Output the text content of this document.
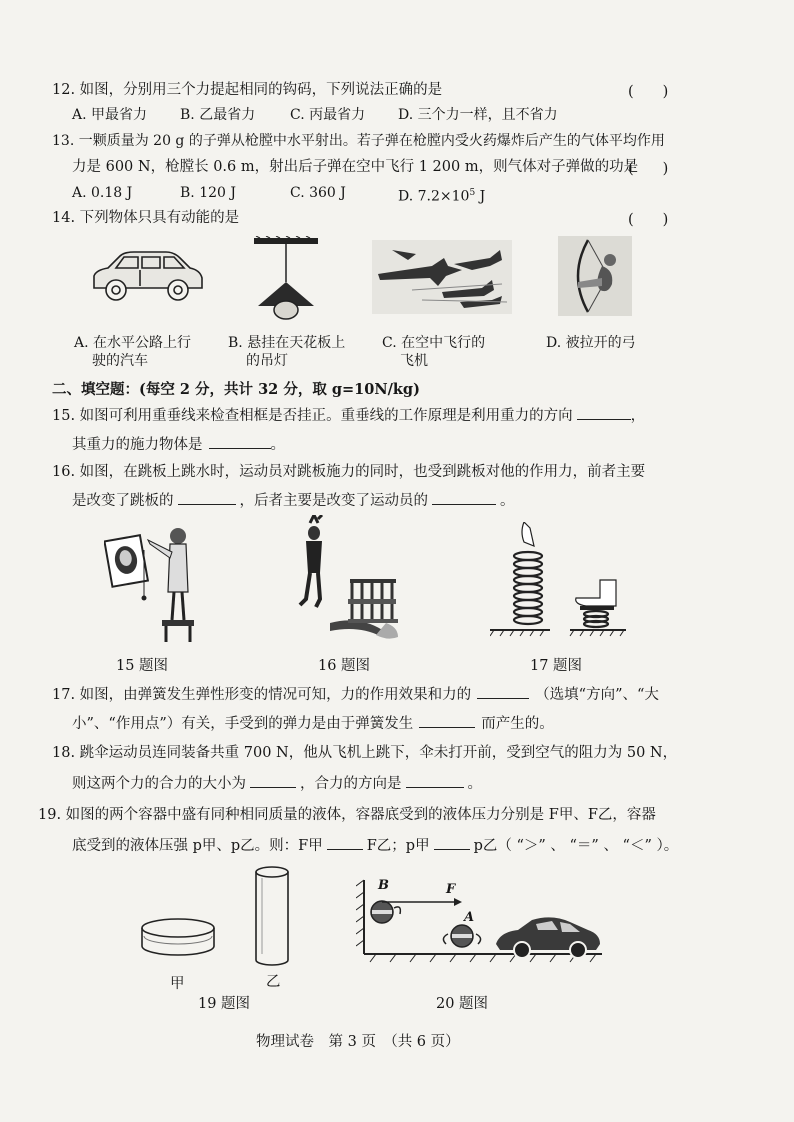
12. 如图，分别用三个力提起相同的钩码，下列说法正确的是	(　　)
A. 甲最省力 B. 乙最省力 C. 丙最省力 D. 三个力一样，且不省力
13. 一颗质量为 20 g 的子弹从枪膛中水平射出。若子弹在枪膛内受火药爆炸后产生的气体平均作用
力是 600 N，枪膛长 0.6 m，射出后子弹在空中飞行 1 200 m，则气体对子弹做的功是
(　　)
A. 0.18 J	B. 120 J	C. 360 J	D. $7.2\times 10^5$ J
14. 下列物体只具有动能的是	(　　)
A. 在水平公路上行
驶的汽车
B. 悬挂在天花板上
的吊灯
C. 在空中飞行的
飞机
D. 被拉开的弓
二、填空题：(每空 2 分，共计 32 分，取 g=10N/kg)
15. 如图可利用重垂线来检查相框是否挂正。重垂线的工作原理是利用重力的方向	，
其重力的施力物体是	。
16. 如图，在跳板上跳水时，运动员对跳板施力的同时，也受到跳板对他的作用力，前者主要
是改变了跳板的	，后者主要是改变了运动员的	。
15 题图	16 题图	17 题图
17. 如图，由弹簧发生弹性形变的情况可知，力的作用效果和力的	（选填“方向”、“大
小”、“作用点”）有关，手受到的弹力是由于弹簧发生	而产生的。
18. 跳伞运动员连同装备共重 700 N，他从飞机上跳下，伞未打开前，受到空气的阻力为 50 N，
则这两个力的合力的大小为	，合力的方向是	。
19. 如图的两个容器中盛有同种相同质量的液体，容器底受到的液体压力分别是 F甲、F乙，容器
底受到的液体压强 p甲、p乙。则：F甲	F乙；p甲	p乙（ “＞” 、 “＝” 、 “＜” ）。
甲	乙
B	F
A
19 题图	20 题图
物理试卷　第 3 页　（共 6 页）
